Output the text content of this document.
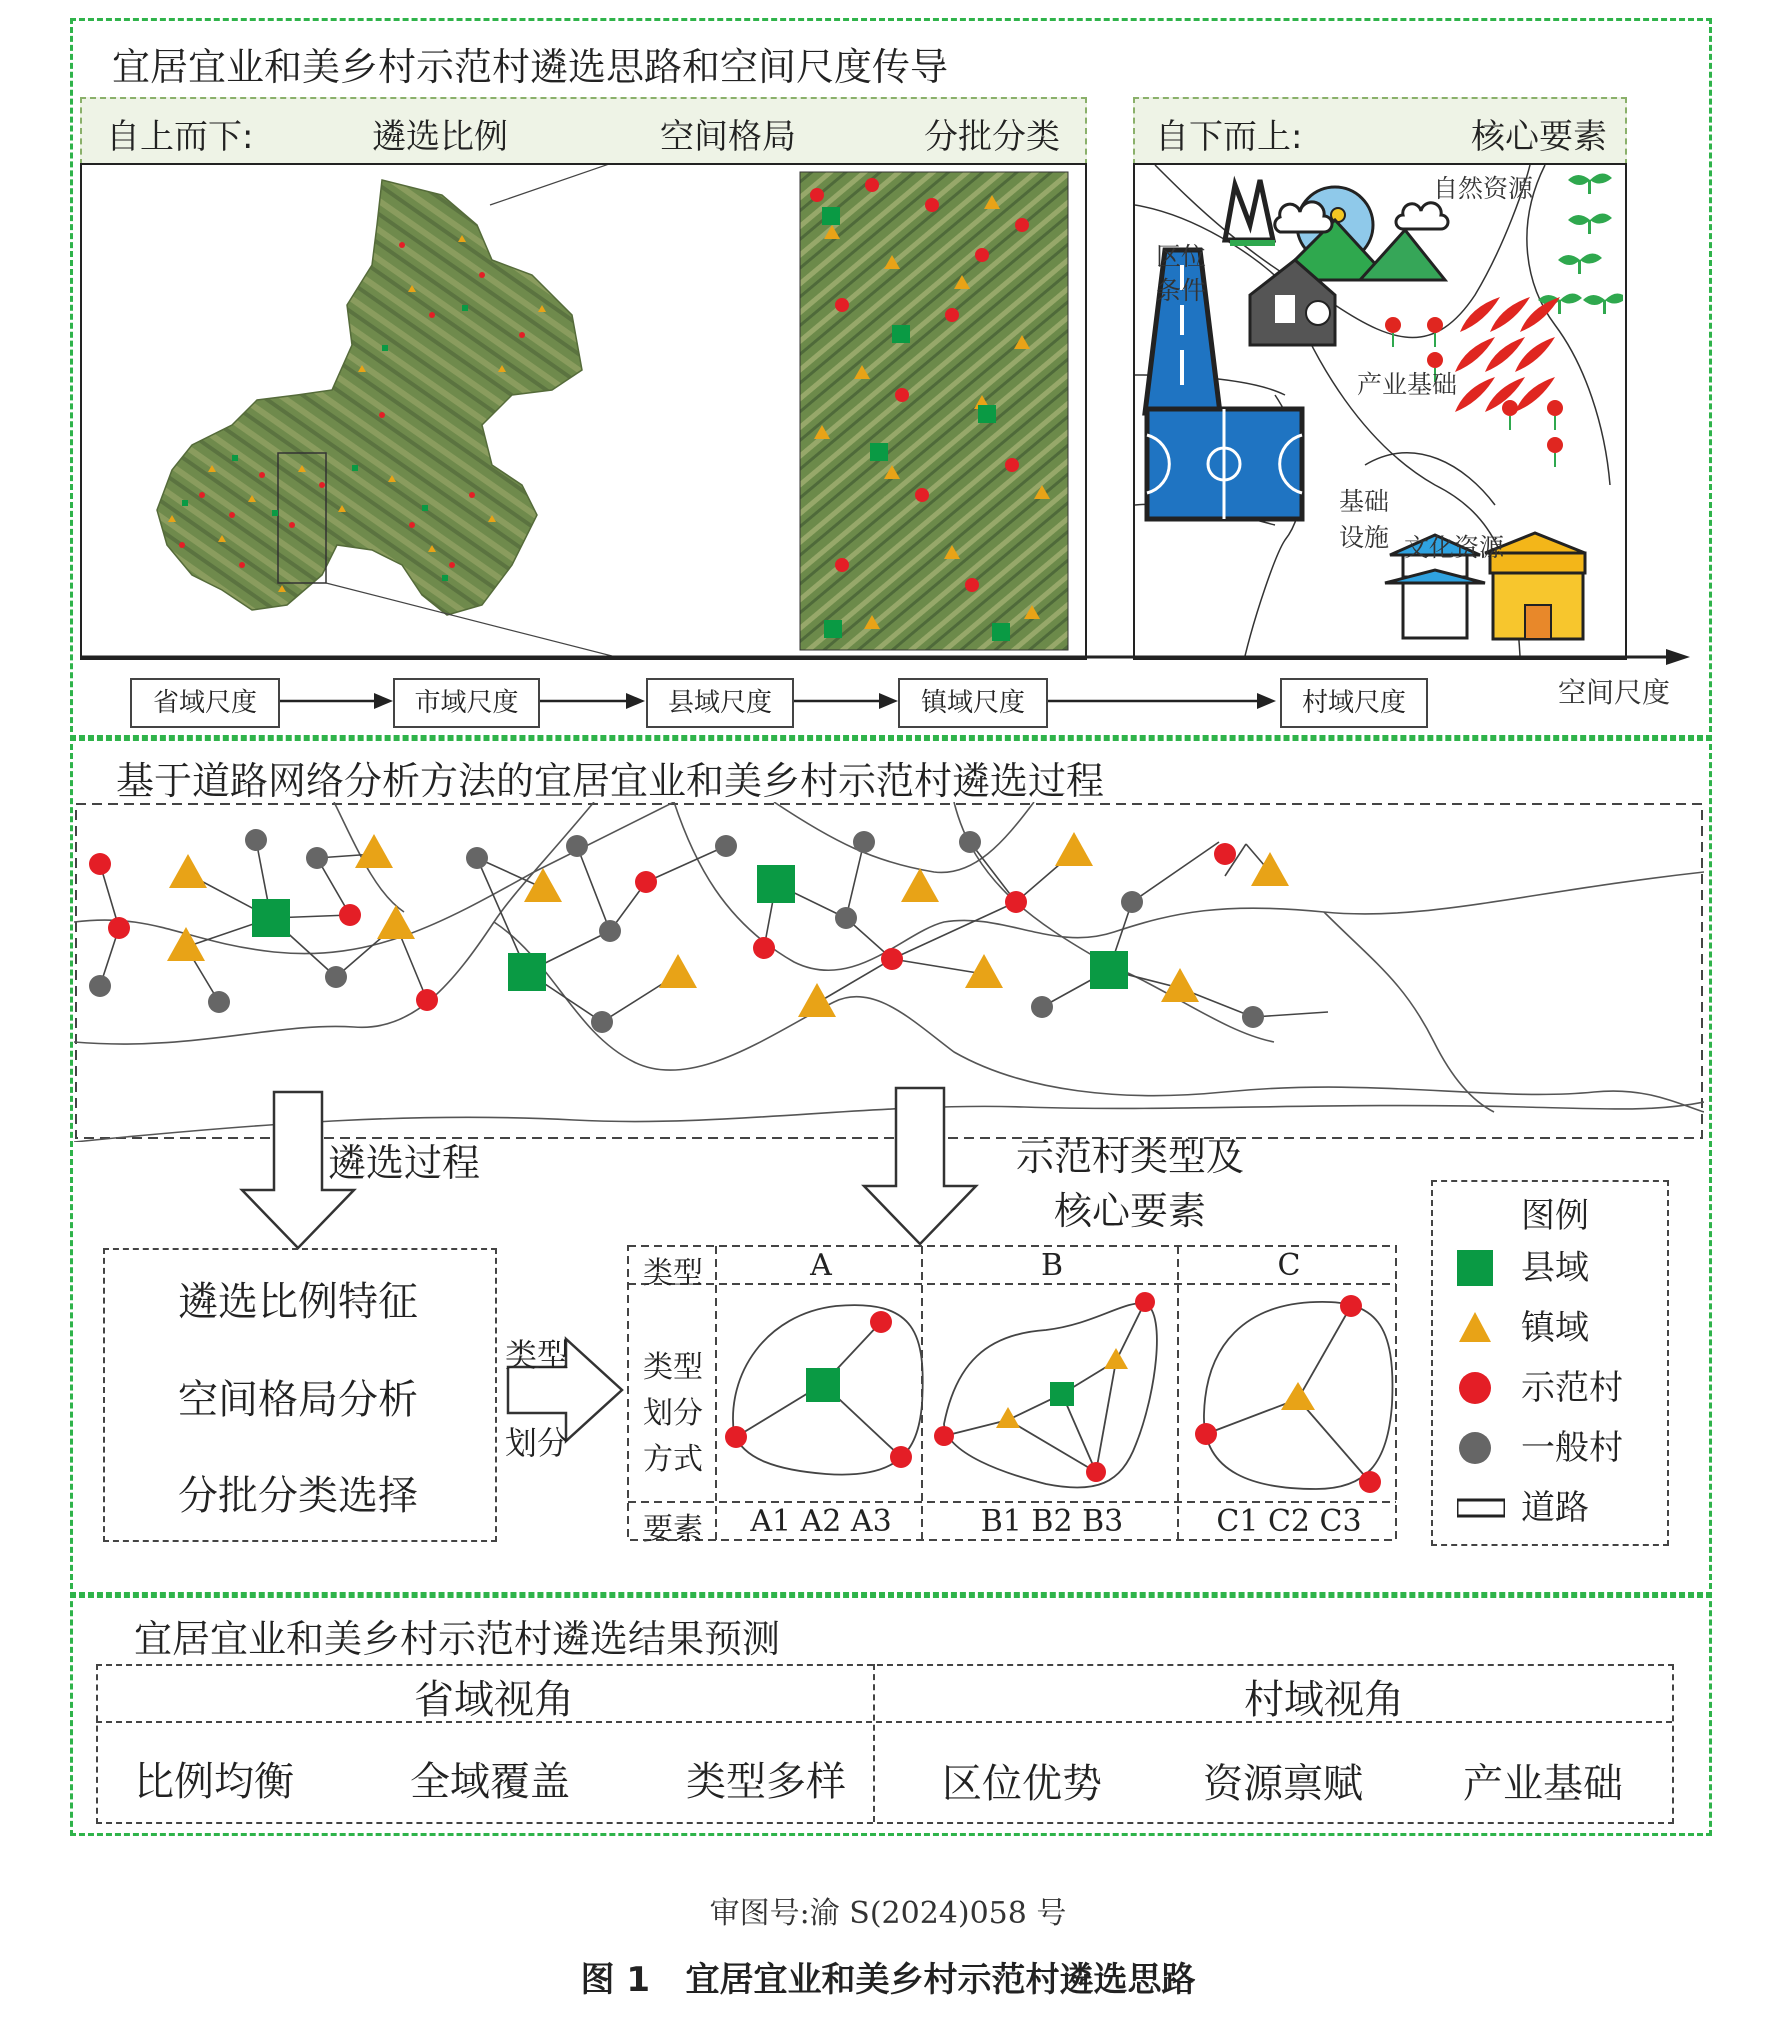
宜居宜业和美乡村示范村遴选思路和空间尺度传导
自上而下:	遴选比例	空间格局	分批分类	自下而上:	核心要素
自然资源
区位
条件
产业基础
基础
设施 文化资源
省域尺度	市域尺度	县域尺度	镇域尺度	村域尺度	空间尺度
基于道路网络分析方法的宜居宜业和美乡村示范村遴选过程
遴选过程	示范村类型及
核心要素
遴选比例特征
空间格局分析
分批分类选择
类型
划分
类型	A	B	C
类型
划分
方式
要素	A1 A2 A3	B1 B2 B3	C1 C2 C3
图例
县域
镇域
示范村
一般村
道路
宜居宜业和美乡村示范村遴选结果预测
省域视角	村域视角
比例均衡	全域覆盖	类型多样 区位优势	资源禀赋	产业基础
审图号:渝 S(2024)058 号
图 1   宜居宜业和美乡村示范村遴选思路
